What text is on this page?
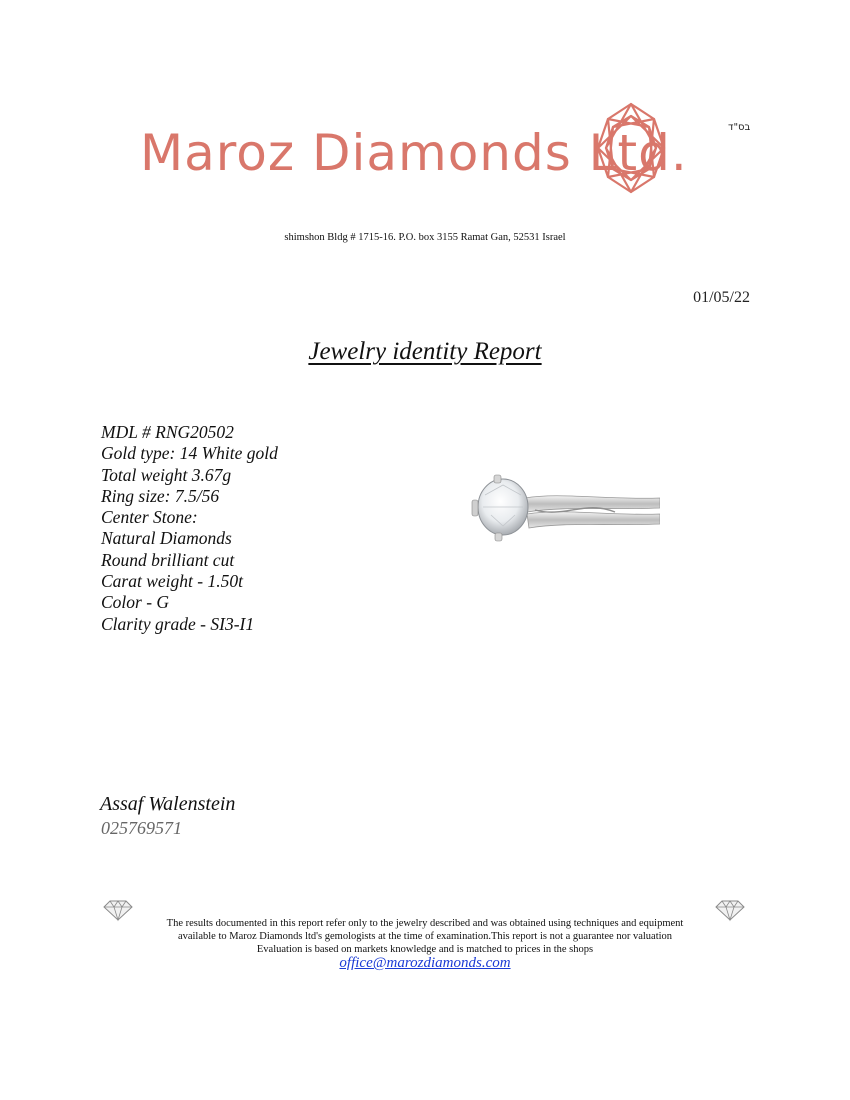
בס"ד
Maroz Diamonds Ltd.
shimshon Bldg # 1715-16. P.O. box 3155 Ramat Gan, 52531 Israel
01/05/22
Jewelry identity Report
MDL # RNG20502
Gold type: 14 White gold
Total weight 3.67g
Ring size: 7.5/56
Center Stone:
Natural Diamonds
Round brilliant cut
Carat weight - 1.50t
Color - G
Clarity grade - SI3-I1
Assaf Walenstein
025769571
The results documented in this report refer only to the jewelry described and was obtained using techniques and equipment
available to Maroz Diamonds ltd's gemologists at the time of examination.This report is not a guarantee nor valuation
Evaluation is based on markets knowledge and is matched to prices in the shops
office@marozdiamonds.com
